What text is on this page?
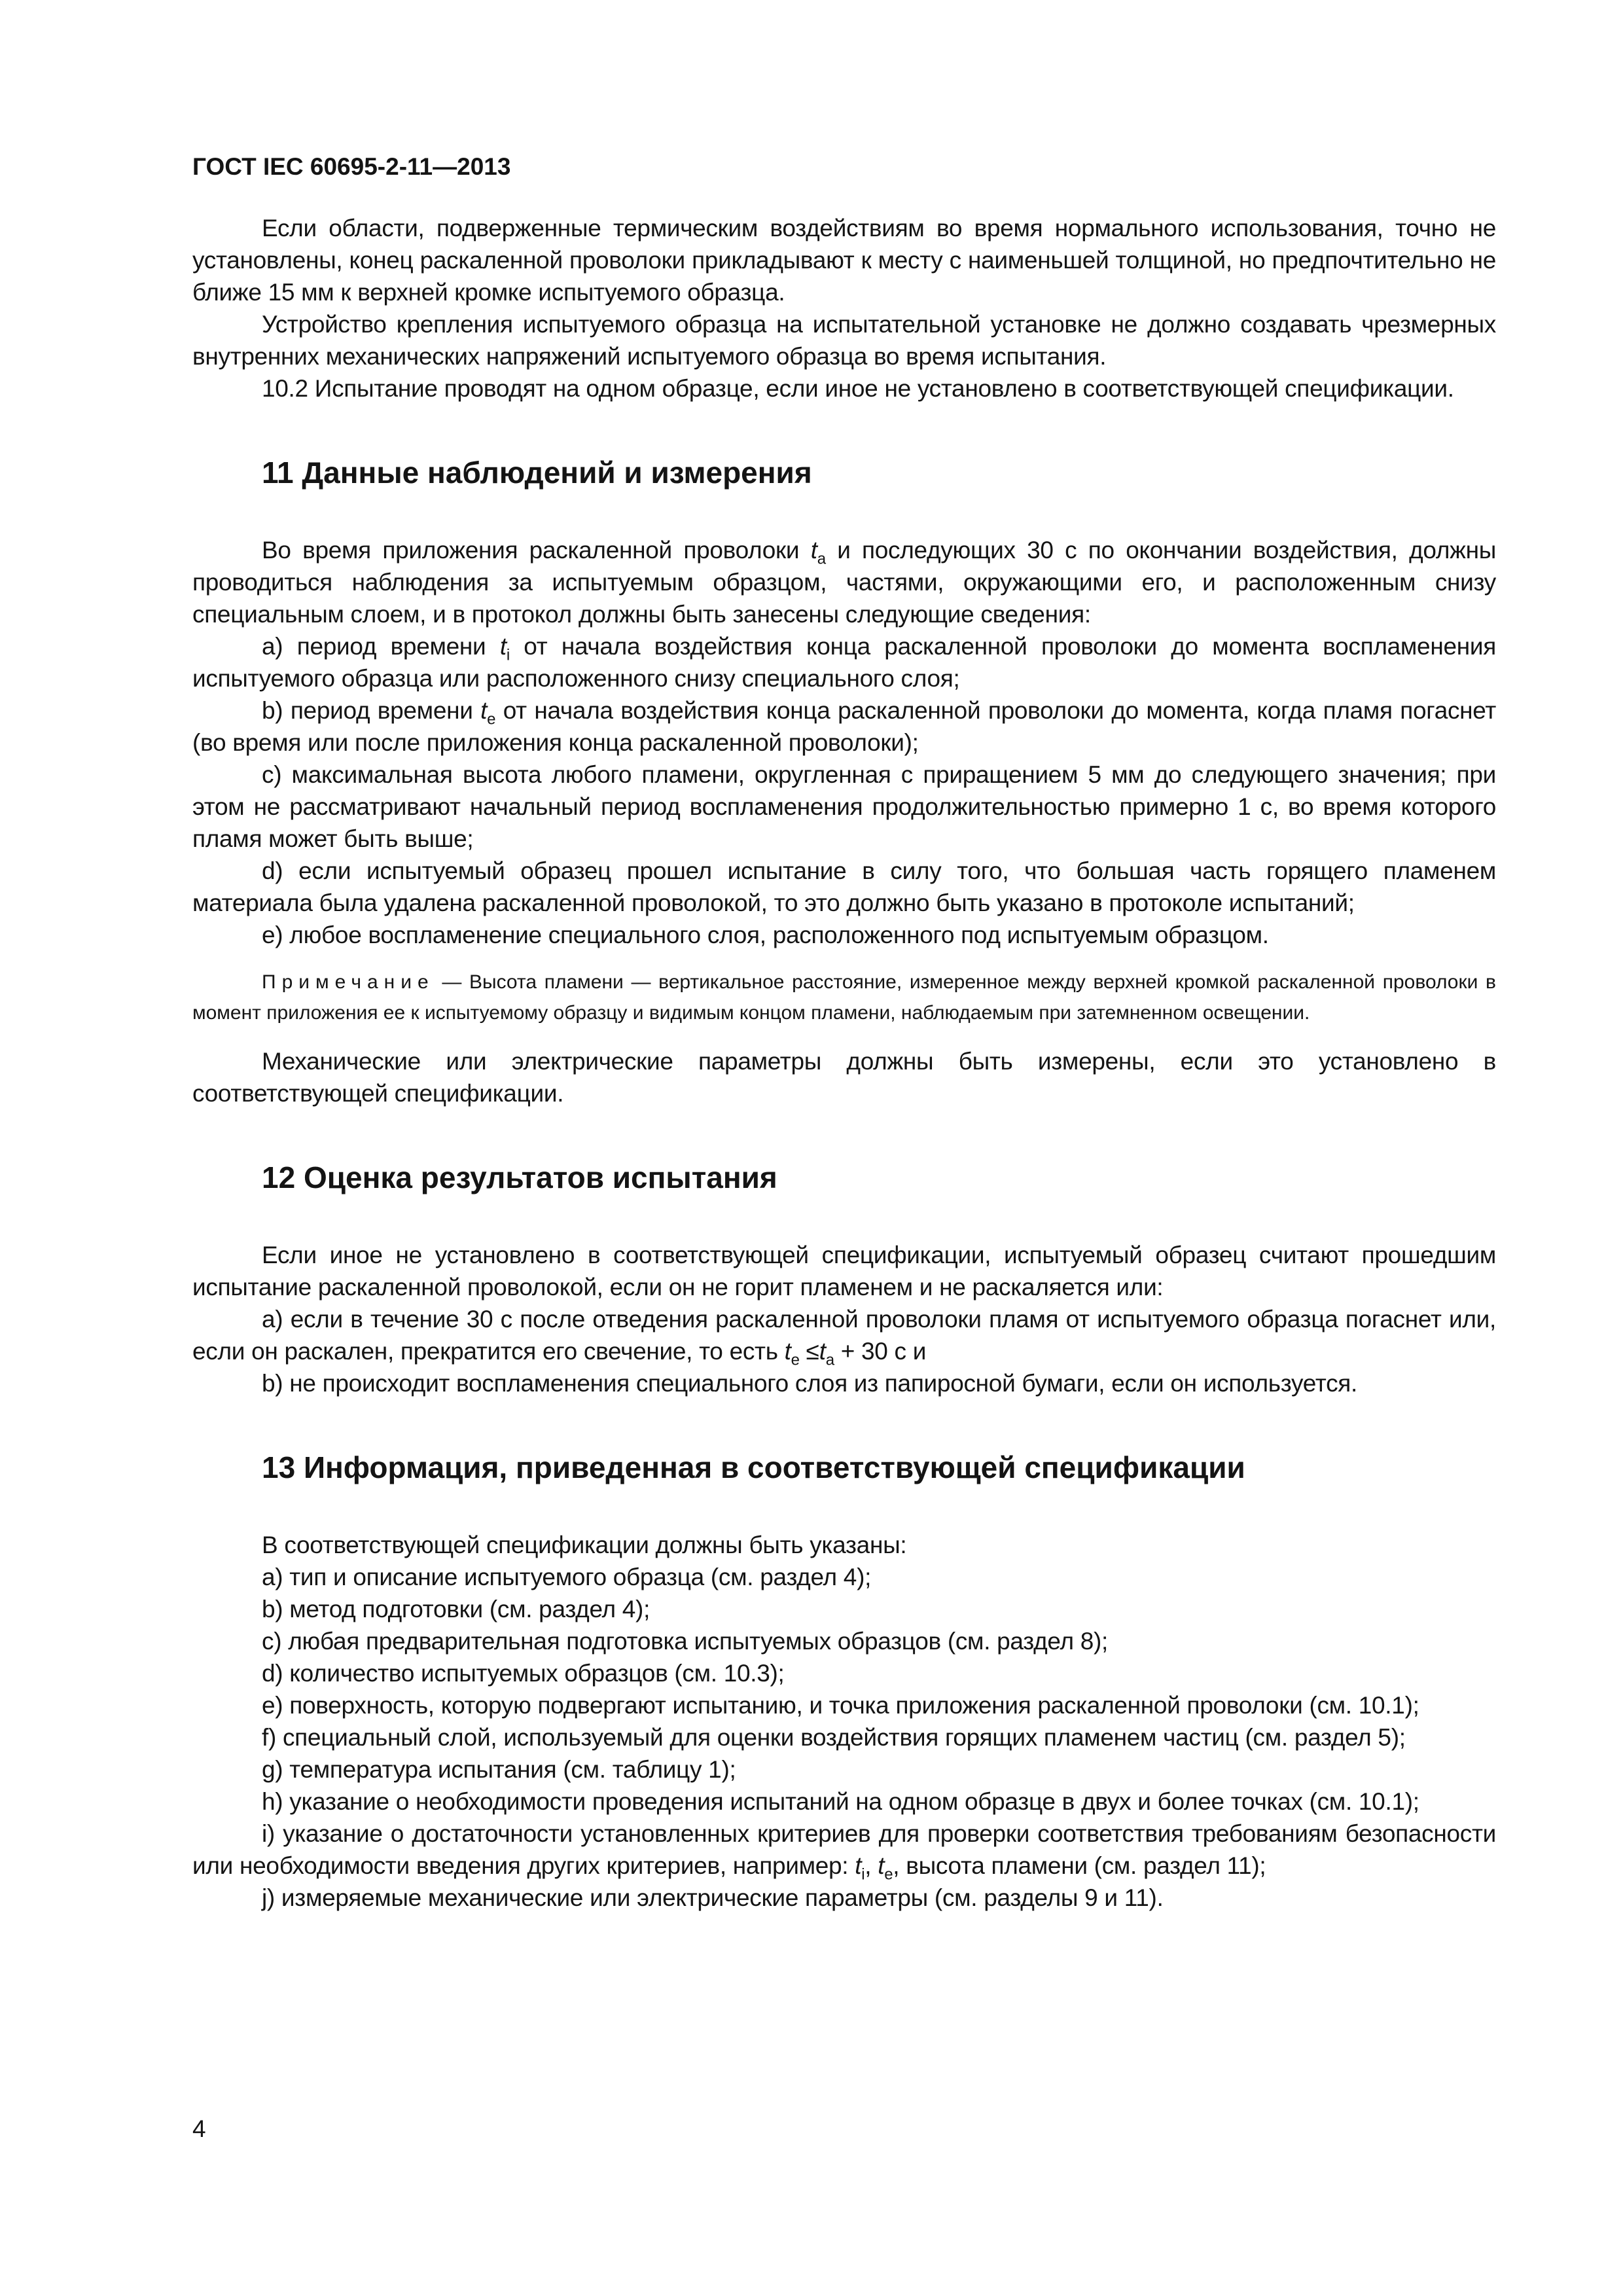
ГОСТ IEC 60695-2-11—2013

Если области, подверженные термическим воздействиям во время нормального использования, точно не установлены, конец раскаленной проволоки прикладывают к месту с наименьшей толщиной, но предпочтительно не ближе 15 мм к верхней кромке испытуемого образца.

Устройство крепления испытуемого образца на испытательной установке не должно создавать чрезмерных внутренних механических напряжений испытуемого образца во время испытания.

10.2 Испытание проводят на одном образце, если иное не установлено в соответствующей спецификации.

11 Данные наблюдений и измерения

Во время приложения раскаленной проволоки $t_a$ и последующих 30 с по окончании воздействия, должны проводиться наблюдения за испытуемым образцом, частями, окружающими его, и расположенным снизу специальным слоем, и в протокол должны быть занесены следующие сведения:

a) период времени $t_i$ от начала воздействия конца раскаленной проволоки до момента воспламенения испытуемого образца или расположенного снизу специального слоя;

b) период времени $t_e$ от начала воздействия конца раскаленной проволоки до момента, когда пламя погаснет (во время или после приложения конца раскаленной проволоки);

c) максимальная высота любого пламени, округленная с приращением 5 мм до следующего значения; при этом не рассматривают начальный период воспламенения продолжительностью примерно 1 с, во время которого пламя может быть выше;

d) если испытуемый образец прошел испытание в силу того, что большая часть горящего пламенем материала была удалена раскаленной проволокой, то это должно быть указано в протоколе испытаний;

e) любое воспламенение специального слоя, расположенного под испытуемым образцом.

Примечание — Высота пламени — вертикальное расстояние, измеренное между верхней кромкой раскаленной проволоки в момент приложения ее к испытуемому образцу и видимым концом пламени, наблюдаемым при затемненном освещении.

Механические или электрические параметры должны быть измерены, если это установлено в соответствующей спецификации.

12 Оценка результатов испытания

Если иное не установлено в соответствующей спецификации, испытуемый образец считают прошедшим испытание раскаленной проволокой, если он не горит пламенем и не раскаляется или:

a) если в течение 30 с после отведения раскаленной проволоки пламя от испытуемого образца погаснет или, если он раскален, прекратится его свечение, то есть $t_e \le t_a + 30$ с и

b) не происходит воспламенения специального слоя из папиросной бумаги, если он используется.

13 Информация, приведенная в соответствующей спецификации

В соответствующей спецификации должны быть указаны:

a) тип и описание испытуемого образца (см. раздел 4);

b) метод подготовки (см. раздел 4);

c) любая предварительная подготовка испытуемых образцов (см. раздел 8);

d) количество испытуемых образцов (см. 10.3);

e) поверхность, которую подвергают испытанию, и точка приложения раскаленной проволоки (см. 10.1);

f) специальный слой, используемый для оценки воздействия горящих пламенем частиц (см. раздел 5);

g) температура испытания (см. таблицу 1);

h) указание о необходимости проведения испытаний на одном образце в двух и более точках (см. 10.1);

i) указание о достаточности установленных критериев для проверки соответствия требованиям безопасности или необходимости введения других критериев, например: $t_i$, $t_e$, высота пламени (см. раздел 11);

j) измеряемые механические или электрические параметры (см. разделы 9 и 11).

4
